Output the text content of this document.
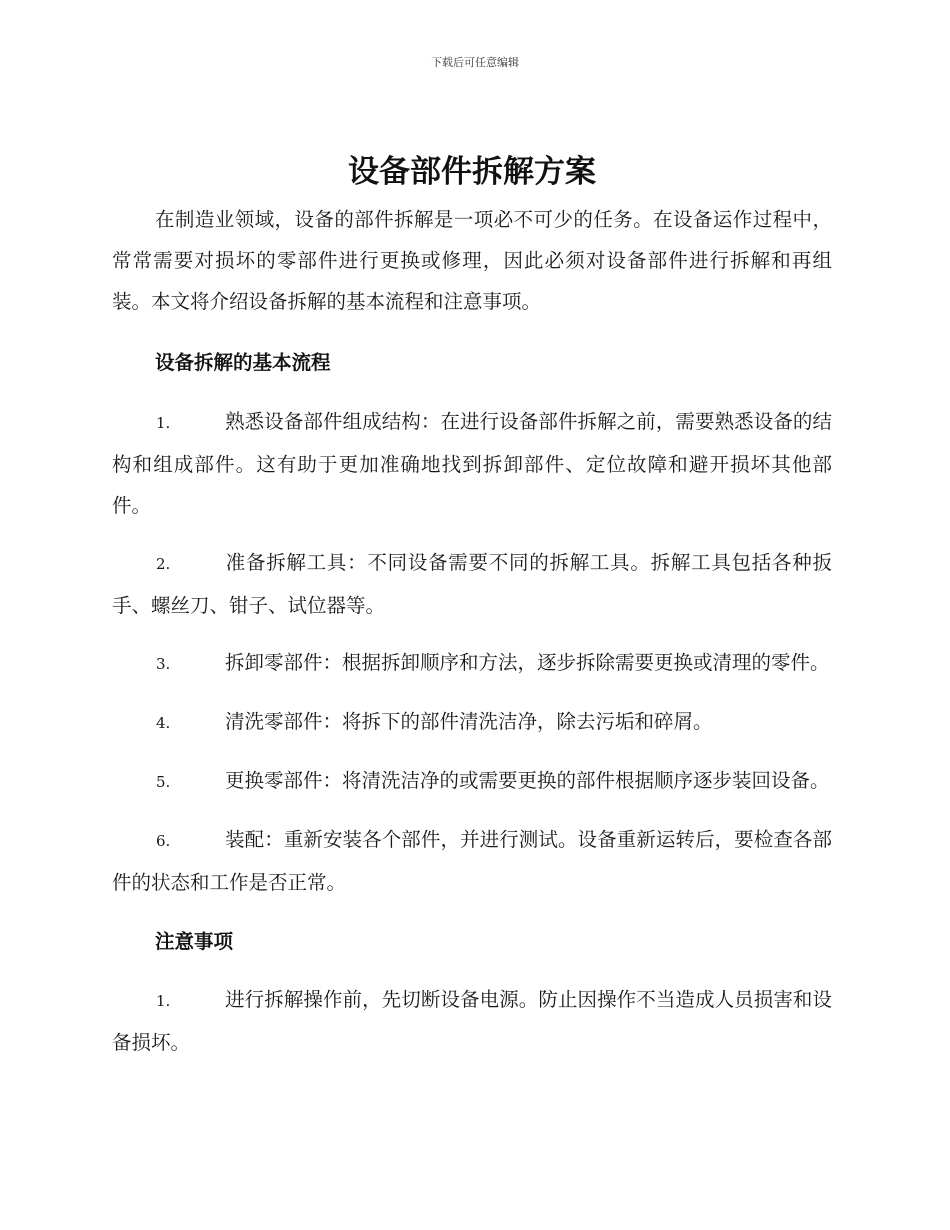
下载后可任意编辑
设备部件拆解方案

在制造业领域，设备的部件拆解是一项必不可少的任务。在设备运作过程中，常常需要对损坏的零部件进行更换或修理，因此必须对设备部件进行拆解和再组装。本文将介绍设备拆解的基本流程和注意事项。

设备拆解的基本流程

1.	熟悉设备部件组成结构：在进行设备部件拆解之前，需要熟悉设备的结构和组成部件。这有助于更加准确地找到拆卸部件、定位故障和避开损坏其他部件。

2.	准备拆解工具：不同设备需要不同的拆解工具。拆解工具包括各种扳手、螺丝刀、钳子、试位器等。

3.	拆卸零部件：根据拆卸顺序和方法，逐步拆除需要更换或清理的零件。

4.	清洗零部件：将拆下的部件清洗洁净，除去污垢和碎屑。

5.	更换零部件：将清洗洁净的或需要更换的部件根据顺序逐步装回设备。

6.	装配：重新安装各个部件，并进行测试。设备重新运转后，要检查各部件的状态和工作是否正常。

注意事项

1.	进行拆解操作前，先切断设备电源。防止因操作不当造成人员损害和设备损坏。
